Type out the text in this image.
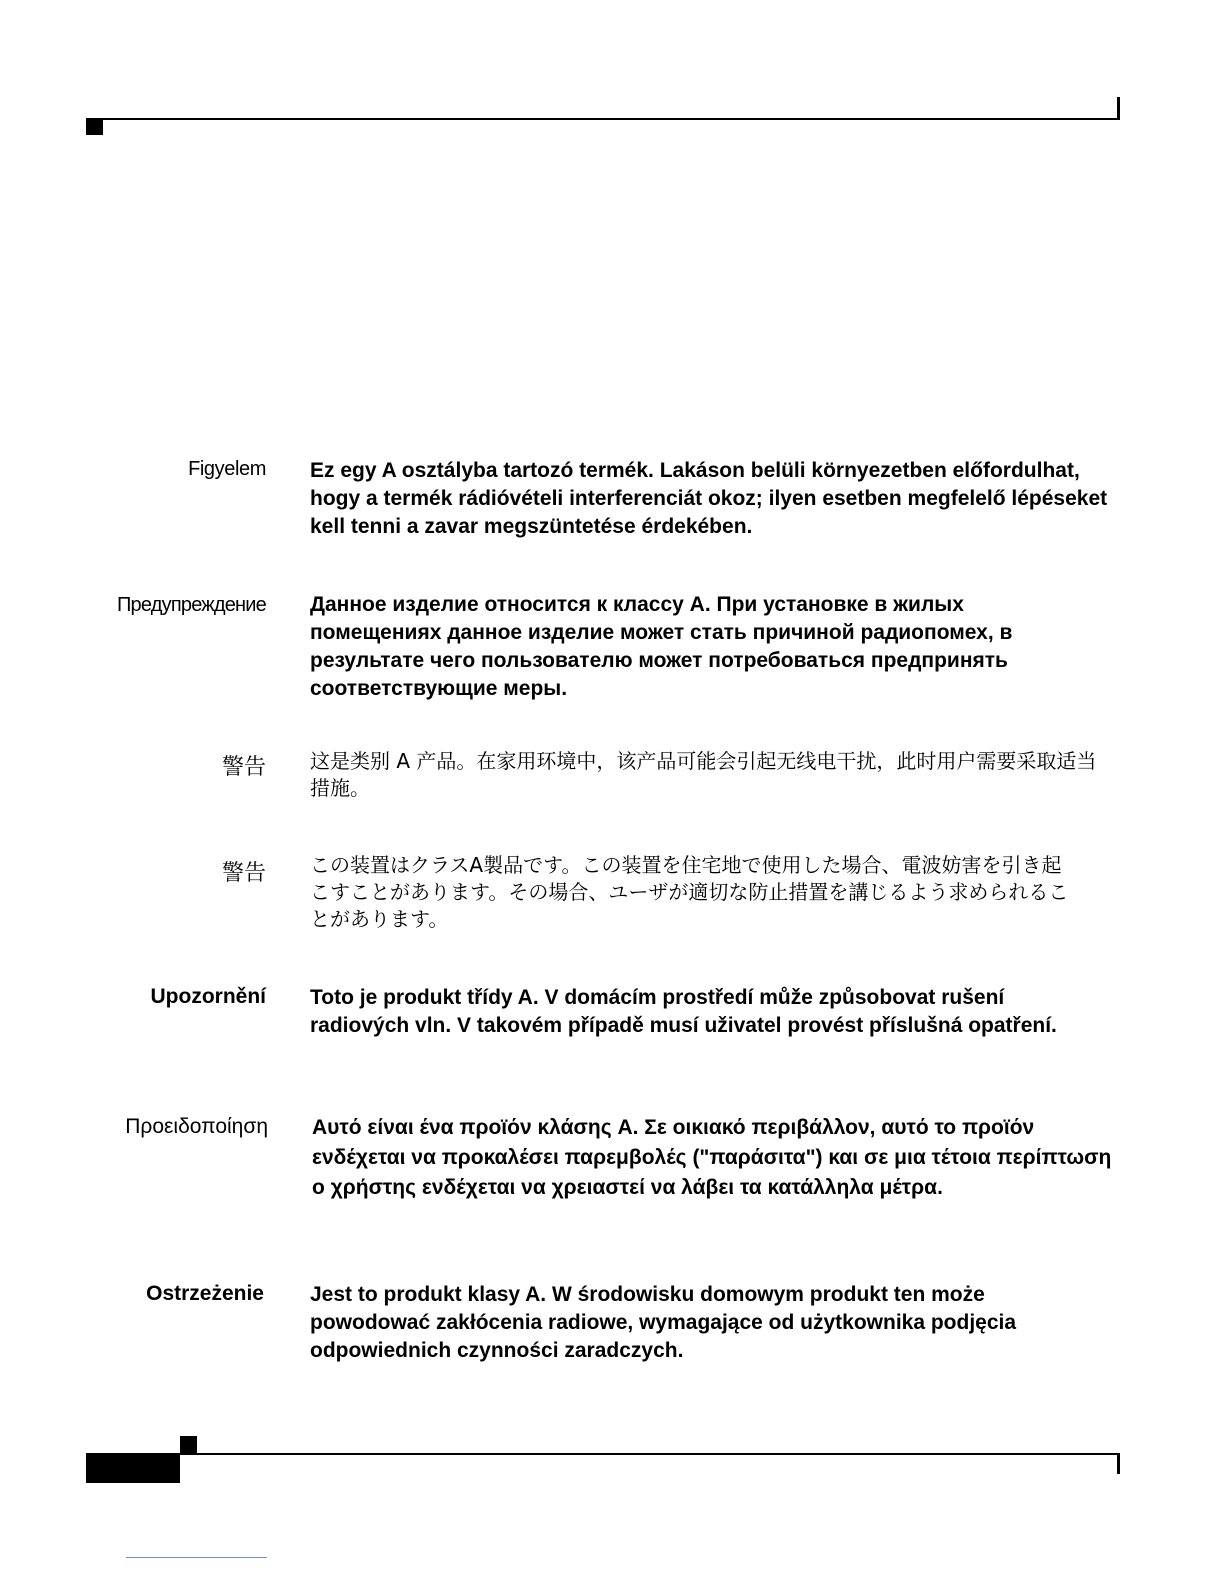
Figyelem Ez egy A osztályba tartozó termék. Lakáson belüli környezetben előfordulhat, hogy a termék rádióvételi interferenciát okoz; ilyen esetben megfelelő lépéseket kell tenni a zavar megszüntetése érdekében.
Предупреждение Данное изделие относится к классу A. При установке в жилых помещениях данное изделие может стать причиной радиопомех, в результате чего пользователю может потребоваться предпринять соответствующие меры.
警告 这是类别 A 产品。在家用环境中，该产品可能会引起无线电干扰，此时用户需要采取适当措施。
警告 この装置はクラスA製品です。この装置を住宅地で使用した場合、電波妨害を引き起こすことがあります。その場合、ユーザが適切な防止措置を講じるよう求められることがあります。
Upozornění Toto je produkt třídy A. V domácím prostředí může způsobovat rušení radiových vln. V takovém případě musí uživatel provést příslušná opatření.
Προειδοποίηση Αυτό είναι ένα προϊόν κλάσης A. Σε οικιακό περιβάλλον, αυτό το προϊόν ενδέχεται να προκαλέσει παρεμβολές ("παράσιτα") και σε μια τέτοια περίπτωση ο χρήστης ενδέχεται να χρειαστεί να λάβει τα κατάλληλα μέτρα.
Ostrzeżenie Jest to produkt klasy A. W środowisku domowym produkt ten może powodować zakłócenia radiowe, wymagające od użytkownika podjęcia odpowiednich czynności zaradczych.
